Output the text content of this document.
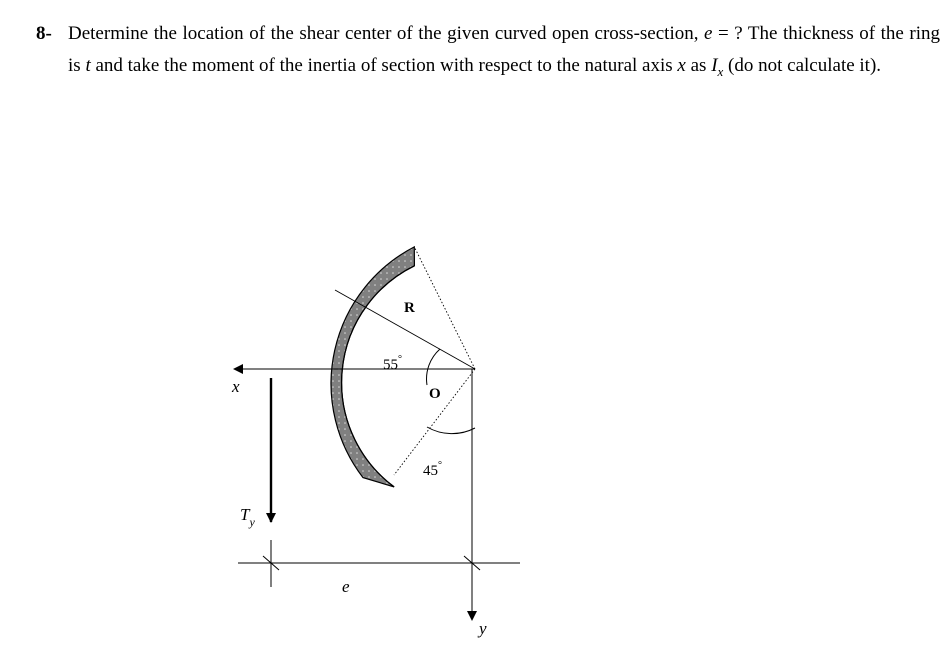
8- Determine the location of the shear center of the given curved open cross-section, e = ? The thickness of the ring is t and take the moment of the inertia of section with respect to the natural axis x as $I_x$ (do not calculate it).
R
O
55°
45°
x
y
$T_y$
e
